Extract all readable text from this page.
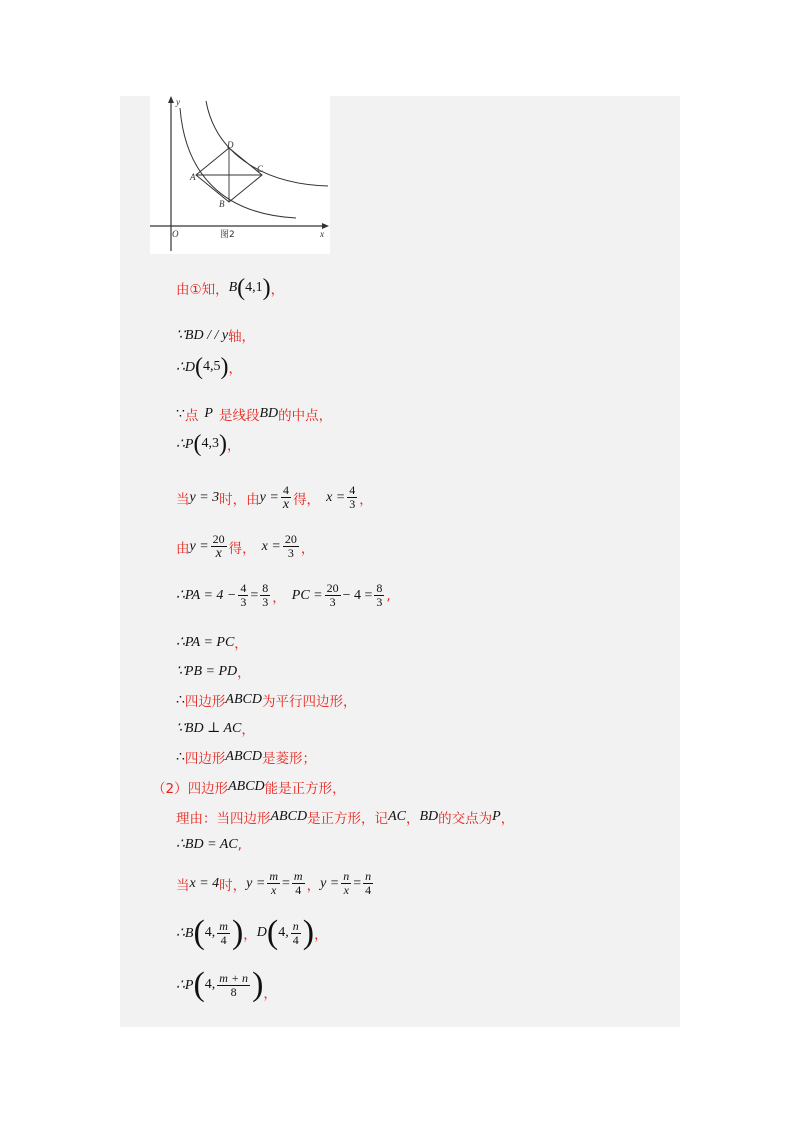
y
x
O
A
B
C
D
图2
由①知， B ( 4,1 ) ，
∵BD / / y 轴，
∴D ( 4,5 ) ，
∵ 点 P 是线段 BD 的中点，
∴P ( 4,3 ) ，
当 y = 3 时，由 $y = \frac{4}{x}$ 得， $x = \frac{4}{3}$ ，
由 $y = \frac{20}{x}$ 得， $x = \frac{20}{3}$ ，
∴PA = $4 - \frac{4}{3} = \frac{8}{3}$ ， PC = $\frac{20}{3} - 4 = \frac{8}{3}$ ,
∴PA = PC ，
∵PB = PD ，
∴ 四边形 ABCD 为平行四边形，
∵BD ⊥ AC ，
∴ 四边形 ABCD 是菱形；
（2）四边形 ABCD 能是正方形，
理由：当四边形 ABCD 是正方形，记 AC ， BD 的交点为 P ，
∴BD = AC ,
当 x = 4 时， $y = \frac{m}{x} = \frac{m}{4}$ ， $y = \frac{n}{x} = \frac{n}{4}$
∴B ( 4, $\frac{m}{4}$ ) ， D ( 4, $\frac{n}{4}$ ) ，
∴P ( 4, $\frac{m + n}{8}$ ) ，
